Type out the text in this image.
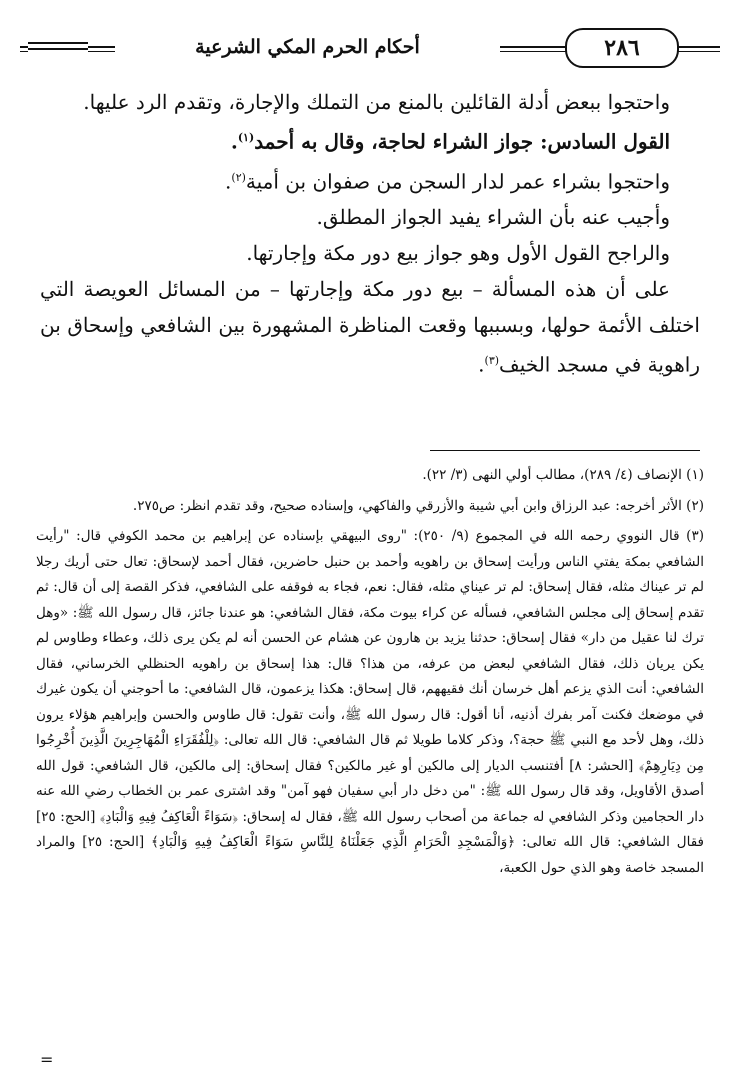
٢٨٦
أحكام الحرم المكي الشرعية

واحتجوا ببعض أدلة القائلين بالمنع من التملك والإجارة، وتقدم الرد عليها.

القول السادس: جواز الشراء لحاجة، وقال به أحمد$^{(١)}$.

واحتجوا بشراء عمر لدار السجن من صفوان بن أمية$^{(٢)}$.

وأجيب عنه بأن الشراء يفيد الجواز المطلق.

والراجح القول الأول وهو جواز بيع دور مكة وإجارتها.

على أن هذه المسألة – بيع دور مكة وإجارتها – من المسائل العويصة التي اختلف الأئمة حولها، وبسببها وقعت المناظرة المشهورة بين الشافعي وإسحاق بن راهوية في مسجد الخيف$^{(٣)}$.

(١) الإنصاف (٤/ ٢٨٩)، مطالب أولي النهى (٣/ ٢٢).

(٢) الأثر أخرجه: عبد الرزاق وابن أبي شيبة والأزرقي والفاكهي، وإسناده صحيح، وقد تقدم انظر: ص٢٧٥.

(٣) قال النووي رحمه الله في المجموع (٩/ ٢٥٠): "روى البيهقي بإسناده عن إبراهيم بن محمد الكوفي قال: "رأيت الشافعي بمكة يفتي الناس ورأيت إسحاق بن راهويه وأحمد بن حنبل حاضرين، فقال أحمد لإسحاق: تعال حتى أريك رجلا لم تر عيناك مثله، فقال إسحاق: لم تر عيناي مثله، فقال: نعم، فجاء به فوقفه على الشافعي، فذكر القصة إلى أن قال: ثم تقدم إسحاق إلى مجلس الشافعي، فسأله عن كراء بيوت مكة، فقال الشافعي: هو عندنا جائز، قال رسول الله ﷺ: «وهل ترك لنا عقيل من دار» فقال إسحاق: حدثنا يزيد بن هارون عن هشام عن الحسن أنه لم يكن يرى ذلك، وعطاء وطاوس لم يكن يريان ذلك، فقال الشافعي لبعض من عرفه، من هذا؟ قال: هذا إسحاق بن راهويه الحنظلي الخرساني، فقال الشافعي: أنت الذي يزعم أهل خرسان أنك فقيههم، قال إسحاق: هكذا يزعمون، قال الشافعي: ما أحوجني أن يكون غيرك في موضعك فكنت آمر بفرك أذنيه، أنا أقول: قال رسول الله ﷺ، وأنت تقول: قال طاوس والحسن وإبراهيم هؤلاء يرون ذلك، وهل لأحد مع النبي ﷺ حجة؟، وذكر كلاما طويلا ثم قال الشافعي: قال الله تعالى: ﴿لِلْفُقَرَاءِ الْمُهَاجِرِينَ الَّذِينَ أُخْرِجُوا مِن دِيَارِهِمْ﴾ [الحشر: ٨] أفتنسب الديار إلى مالكين أو غير مالكين؟ فقال إسحاق: إلى مالكين، قال الشافعي: قول الله أصدق الأقاويل، وقد قال رسول الله ﷺ: "من دخل دار أبي سفيان فهو آمن" وقد اشترى عمر بن الخطاب رضي الله عنه دار الحجامين وذكر الشافعي له جماعة من أصحاب رسول الله ﷺ، فقال له إسحاق: ﴿سَوَاءً الْعَاكِفُ فِيهِ وَالْبَادِ﴾ [الحج: ٢٥] فقال الشافعي: قال الله تعالى: ﴿وَالْمَسْجِدِ الْحَرَامِ الَّذِي جَعَلْنَاهُ لِلنَّاسِ سَوَاءً الْعَاكِفُ فِيهِ وَالْبَادِ﴾ [الحج: ٢٥] والمراد المسجد خاصة وهو الذي حول الكعبة،

=
